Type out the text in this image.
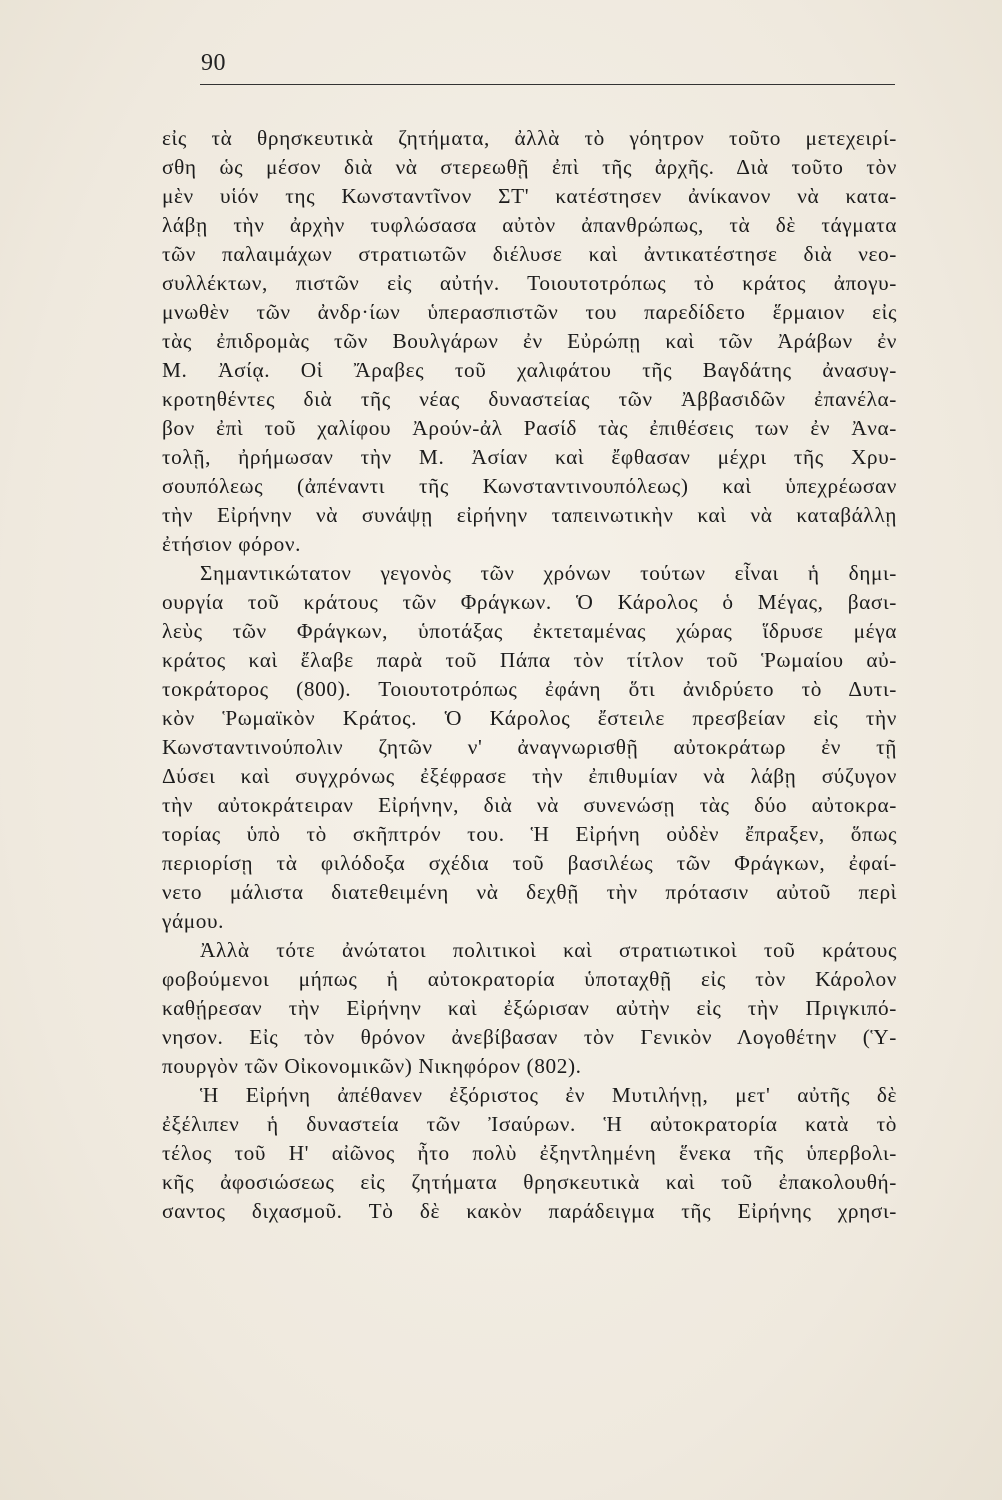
90
εἰς τὰ θρησκευτικὰ ζητήματα, ἀλλὰ τὸ γόητρον τοῦτο μετεχειρί-
σθη ὡς μέσον διὰ νὰ στερεωθῇ ἐπὶ τῆς ἀρχῆς. Διὰ τοῦτο τὸν
μὲν υἱόν της Κωνσταντῖνον ΣΤ' κατέστησεν ἀνίκανον νὰ κατα-
λάβῃ τὴν ἀρχὴν τυφλώσασα αὐτὸν ἀπανθρώπως, τὰ δὲ τάγματα
τῶν παλαιμάχων στρατιωτῶν διέλυσε καὶ ἀντικατέστησε διὰ νεο-
συλλέκτων, πιστῶν εἰς αὐτήν. Τοιουτοτρόπως τὸ κράτος ἀπογυ-
μνωθὲν τῶν ἀνδρ·ίων ὑπερασπιστῶν του παρεδίδετο ἕρμαιον εἰς
τὰς ἐπιδρομὰς τῶν Βουλγάρων ἐν Εὐρώπῃ καὶ τῶν Ἀράβων ἐν
Μ. Ἀσίᾳ. Οἱ Ἄραβες τοῦ χαλιφάτου τῆς Βαγδάτης ἀνασυγ-
κροτηθέντες διὰ τῆς νέας δυναστείας τῶν Ἀββασιδῶν ἐπανέλα-
βον ἐπὶ τοῦ χαλίφου Ἀρούν-ἀλ Ρασίδ τὰς ἐπιθέσεις των ἐν Ἀνα-
τολῇ, ἠρήμωσαν τὴν Μ. Ἀσίαν καὶ ἔφθασαν μέχρι τῆς Χρυ-
σουπόλεως (ἀπέναντι τῆς Κωνσταντινουπόλεως) καὶ ὑπεχρέωσαν
τὴν Εἰρήνην νὰ συνάψῃ εἰρήνην ταπεινωτικὴν καὶ νὰ καταβάλλῃ
ἐτήσιον φόρον.
Σημαντικώτατον γεγονὸς τῶν χρόνων τούτων εἶναι ἡ δημι-
ουργία τοῦ κράτους τῶν Φράγκων. Ὁ Κάρολος ὁ Μέγας, βασι-
λεὺς τῶν Φράγκων, ὑποτάξας ἐκτεταμένας χώρας ἵδρυσε μέγα
κράτος καὶ ἔλαβε παρὰ τοῦ Πάπα τὸν τίτλον τοῦ Ῥωμαίου αὐ-
τοκράτορος (800). Τοιουτοτρόπως ἐφάνη ὅτι ἀνιδρύετο τὸ Δυτι-
κὸν Ῥωμαϊκὸν Κράτος. Ὁ Κάρολος ἔστειλε πρεσβείαν εἰς τὴν
Κωνσταντινούπολιν ζητῶν ν' ἀναγνωρισθῇ αὐτοκράτωρ ἐν τῇ
Δύσει καὶ συγχρόνως ἐξέφρασε τὴν ἐπιθυμίαν νὰ λάβῃ σύζυγον
τὴν αὐτοκράτειραν Εἰρήνην, διὰ νὰ συνενώσῃ τὰς δύο αὐτοκρα-
τορίας ὑπὸ τὸ σκῆπτρόν του. Ἡ Εἰρήνη οὐδὲν ἔπραξεν, ὅπως
περιορίσῃ τὰ φιλόδοξα σχέδια τοῦ βασιλέως τῶν Φράγκων, ἐφαί-
νετο μάλιστα διατεθειμένη νὰ δεχθῇ τὴν πρότασιν αὐτοῦ περὶ
γάμου.
Ἀλλὰ τότε ἀνώτατοι πολιτικοὶ καὶ στρατιωτικοὶ τοῦ κράτους
φοβούμενοι μήπως ἡ αὐτοκρατορία ὑποταχθῇ εἰς τὸν Κάρολον
καθῄρεσαν τὴν Εἰρήνην καὶ ἐξώρισαν αὐτὴν εἰς τὴν Πριγκιπό-
νησον. Εἰς τὸν θρόνον ἀνεβίβασαν τὸν Γενικὸν Λογοθέτην (Ὑ-
πουργὸν τῶν Οἰκονομικῶν) Νικηφόρον (802).
Ἡ Εἰρήνη ἀπέθανεν ἐξόριστος ἐν Μυτιλήνῃ, μετ' αὐτῆς δὲ
ἐξέλιπεν ἡ δυναστεία τῶν Ἰσαύρων. Ἡ αὐτοκρατορία κατὰ τὸ
τέλος τοῦ Η' αἰῶνος ἦτο πολὺ ἐξηντλημένη ἕνεκα τῆς ὑπερβολι-
κῆς ἀφοσιώσεως εἰς ζητήματα θρησκευτικὰ καὶ τοῦ ἐπακολουθή-
σαντος διχασμοῦ. Τὸ δὲ κακὸν παράδειγμα τῆς Εἰρήνης χρησι-
